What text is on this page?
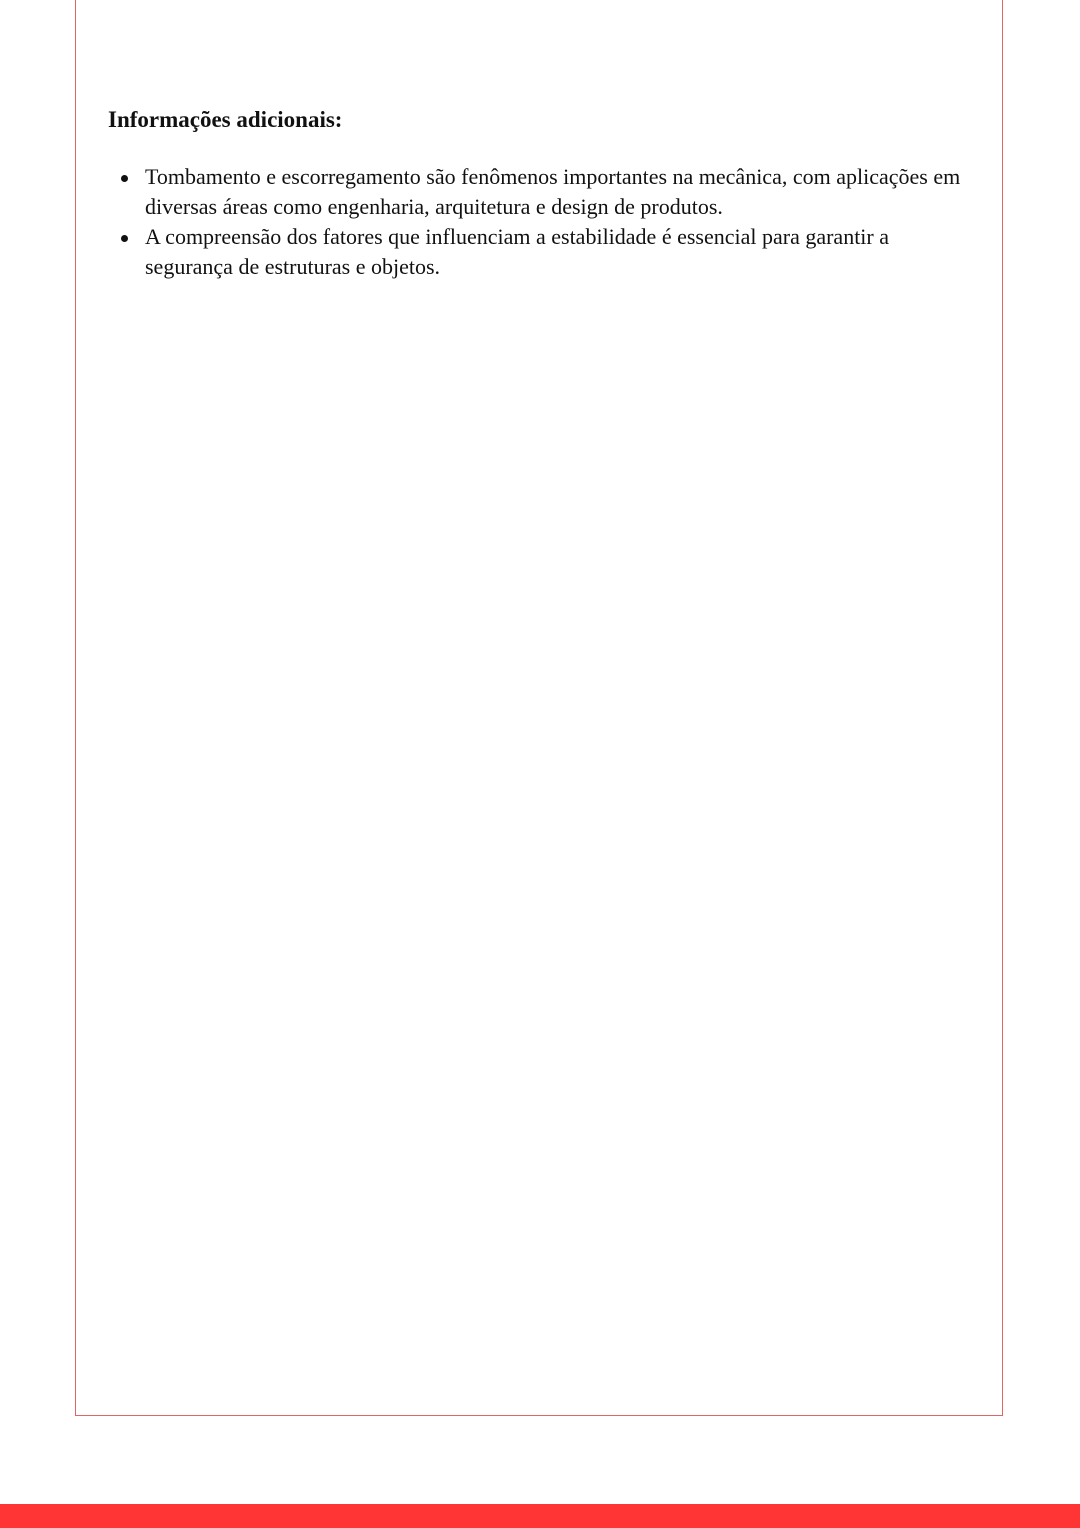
Informações adicionais:
Tombamento e escorregamento são fenômenos importantes na mecânica, com aplicações em diversas áreas como engenharia, arquitetura e design de produtos.
A compreensão dos fatores que influenciam a estabilidade é essencial para garantir a segurança de estruturas e objetos.
